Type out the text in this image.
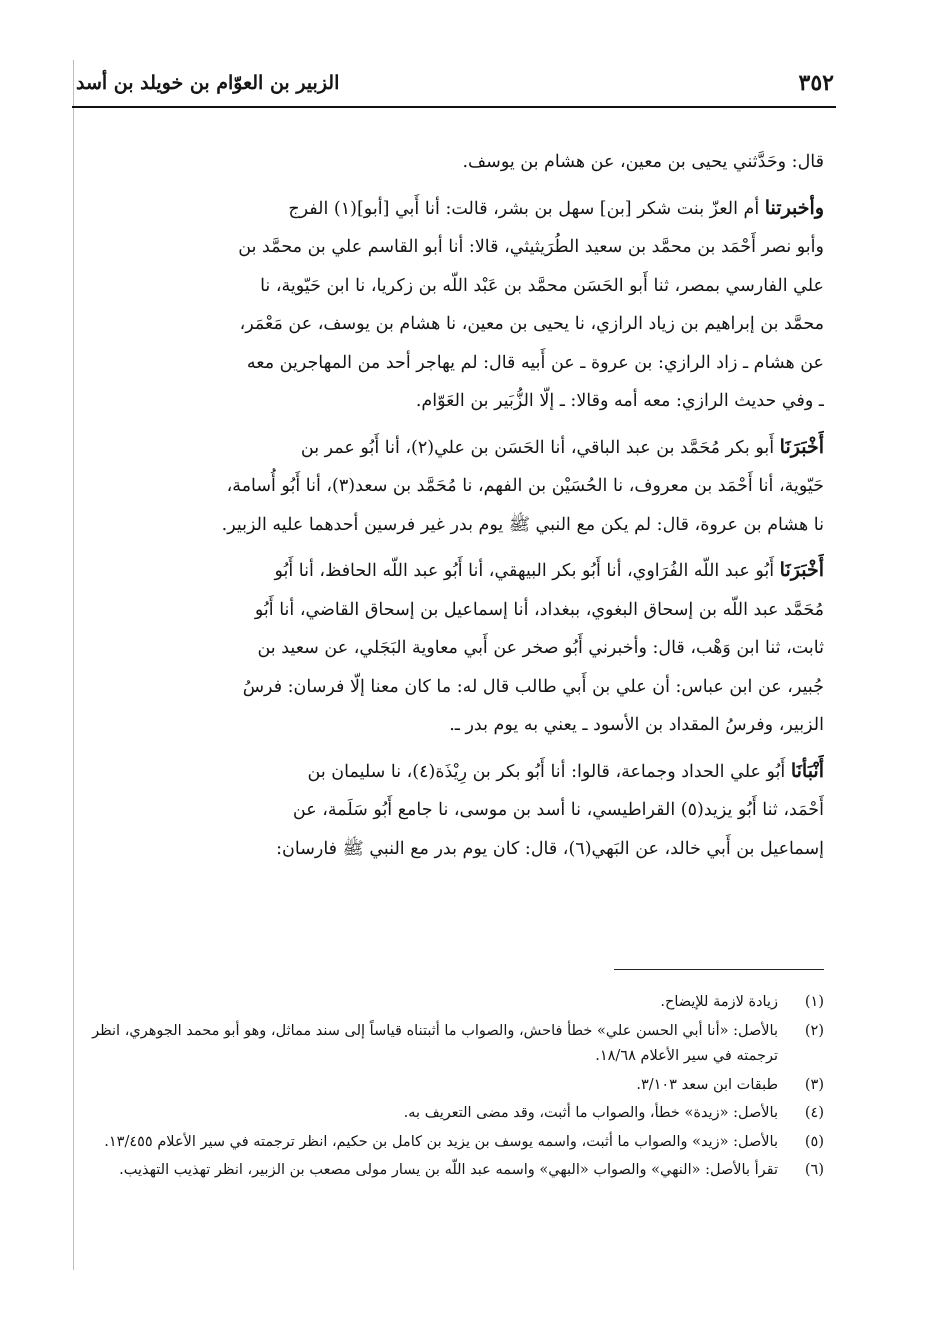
الزبير بن العوّام بن خويلد بن أسد	٣٥٢
قال: وحَدَّثني يحيى بن معين، عن هشام بن يوسف.
وأخبرتنا أم العزّ بنت شكر [بن] سهل بن بشر، قالت: أنا أَبي [أبو](١) الفرج
وأبو نصر أَحْمَد بن محمَّد بن سعيد الطُرَيثيثي، قالا: أنا أبو القاسم علي بن محمَّد بن
علي الفارسي بمصر، ثنا أَبو الحَسَن محمَّد بن عَبْد اللّه بن زكريا، نا ابن حَيّوية، نا
محمَّد بن إبراهيم بن زياد الرازي، نا يحيى بن معين، نا هشام بن يوسف، عن مَعْمَر،
عن هشام ـ زاد الرازي: بن عروة ـ عن أَبيه قال: لم يهاجر أحد من المهاجرين معه
ـ وفي حديث الرازي: معه أمه وقالا: ـ إلّا الزُّبَير بن العَوّام.
أَخْبَرَنَا أَبو بكر مُحَمَّد بن عبد الباقي، أنا الحَسَن بن علي(٢)، أنا أَبُو عمر بن
حَيّوية، أنا أَحْمَد بن معروف، نا الحُسَيْن بن الفهم، نا مُحَمَّد بن سعد(٣)، أنا أَبُو أُسامة،
نا هشام بن عروة، قال: لم يكن مع النبي ﷺ يوم بدر غير فرسين أحدهما عليه الزبير.
أَخْبَرَنَا أَبُو عبد اللّه الفُرَاوي، أنا أَبُو بكر البيهقي، أنا أَبُو عبد اللّه الحافظ، أنا أَبُو
مُحَمَّد عبد اللّه بن إسحاق البغوي، ببغداد، أنا إسماعيل بن إسحاق القاضي، أنا أَبُو
ثابت، ثنا ابن وَهْب، قال: وأخبرني أَبُو صخر عن أَبي معاوية البَجَلي، عن سعيد بن
جُبير، عن ابن عباس: أن علي بن أَبي طالب قال له: ما كان معنا إلّا فرسان: فرسُ
الزبير، وفرسُ المقداد بن الأسود ـ يعني به يوم بدر ـ.
أَنْبَأنَا أَبُو علي الحداد وجماعة، قالوا: أنا أَبُو بكر بن رِيْذَة(٤)، نا سليمان بن
أَحْمَد، ثنا أَبُو يزيد(٥) القراطيسي، نا أسد بن موسى، نا جامع أَبُو سَلَمة، عن
إسماعيل بن أَبي خالد، عن البَهي(٦)، قال: كان يوم بدر مع النبي ﷺ فارسان:
(١)
زيادة لازمة للإيضاح.
(٢)
بالأصل: «أنا أبي الحسن علي» خطأ فاحش، والصواب ما أثبتناه قياساً إلى سند مماثل، وهو أبو محمد الجوهري، انظر ترجمته في سير الأعلام ١٨/٦٨.
(٣)
طبقات ابن سعد ٣/١٠٣.
(٤)
بالأصل: «زيدة» خطأ، والصواب ما أثبت، وقد مضى التعريف به.
(٥)
بالأصل: «زيد» والصواب ما أثبت، واسمه يوسف بن يزيد بن كامل بن حكيم، انظر ترجمته في سير الأعلام ١٣/٤٥٥.
(٦)
تقرأ بالأصل: «النهي» والصواب «البهي» واسمه عبد اللّه بن يسار مولى مصعب بن الزبير، انظر تهذيب التهذيب.
